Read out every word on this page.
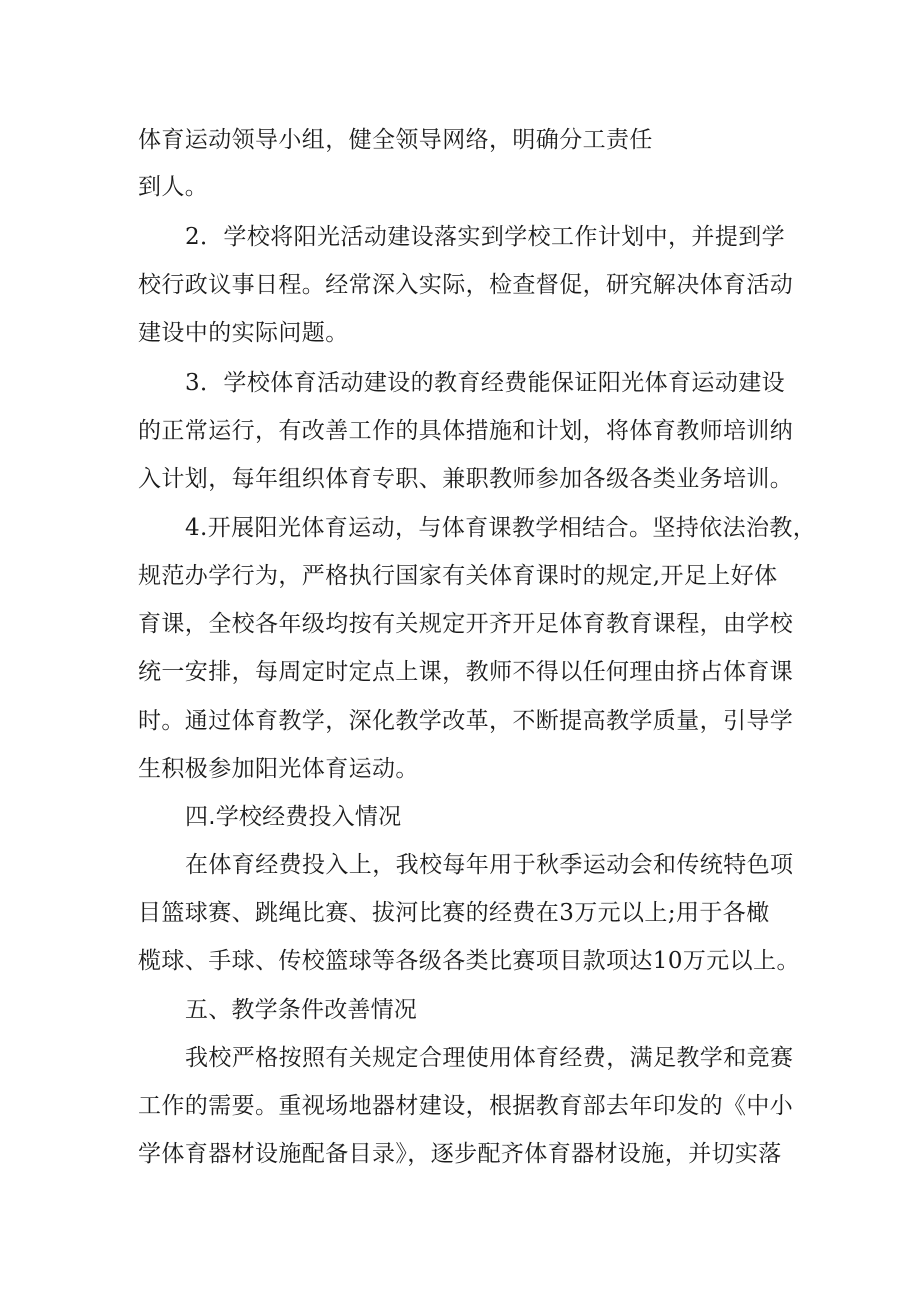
体育运动领导小组，健全领导网络，明确分工责任
到人。
2．学校将阳光活动建设落实到学校工作计划中，并提到学
校行政议事日程。经常深入实际，检查督促，研究解决体育活动
建设中的实际问题。
3．学校体育活动建设的教育经费能保证阳光体育运动建设
的正常运行，有改善工作的具体措施和计划，将体育教师培训纳
入计划，每年组织体育专职、兼职教师参加各级各类业务培训。
4.开展阳光体育运动，与体育课教学相结合。坚持依法治教，
规范办学行为，严格执行国家有关体育课时的规定,开足上好体
育课，全校各年级均按有关规定开齐开足体育教育课程，由学校
统一安排，每周定时定点上课，教师不得以任何理由挤占体育课
时。通过体育教学，深化教学改革，不断提高教学质量，引导学
生积极参加阳光体育运动。
四.学校经费投入情况
在体育经费投入上，我校每年用于秋季运动会和传统特色项
目篮球赛、跳绳比赛、拔河比赛的经费在3万元以上;用于各橄
榄球、手球、传校篮球等各级各类比赛项目款项达10万元以上。
五、教学条件改善情况
我校严格按照有关规定合理使用体育经费，满足教学和竞赛
工作的需要。重视场地器材建设，根据教育部去年印发的《中小
学体育器材设施配备目录》，逐步配齐体育器材设施，并切实落
